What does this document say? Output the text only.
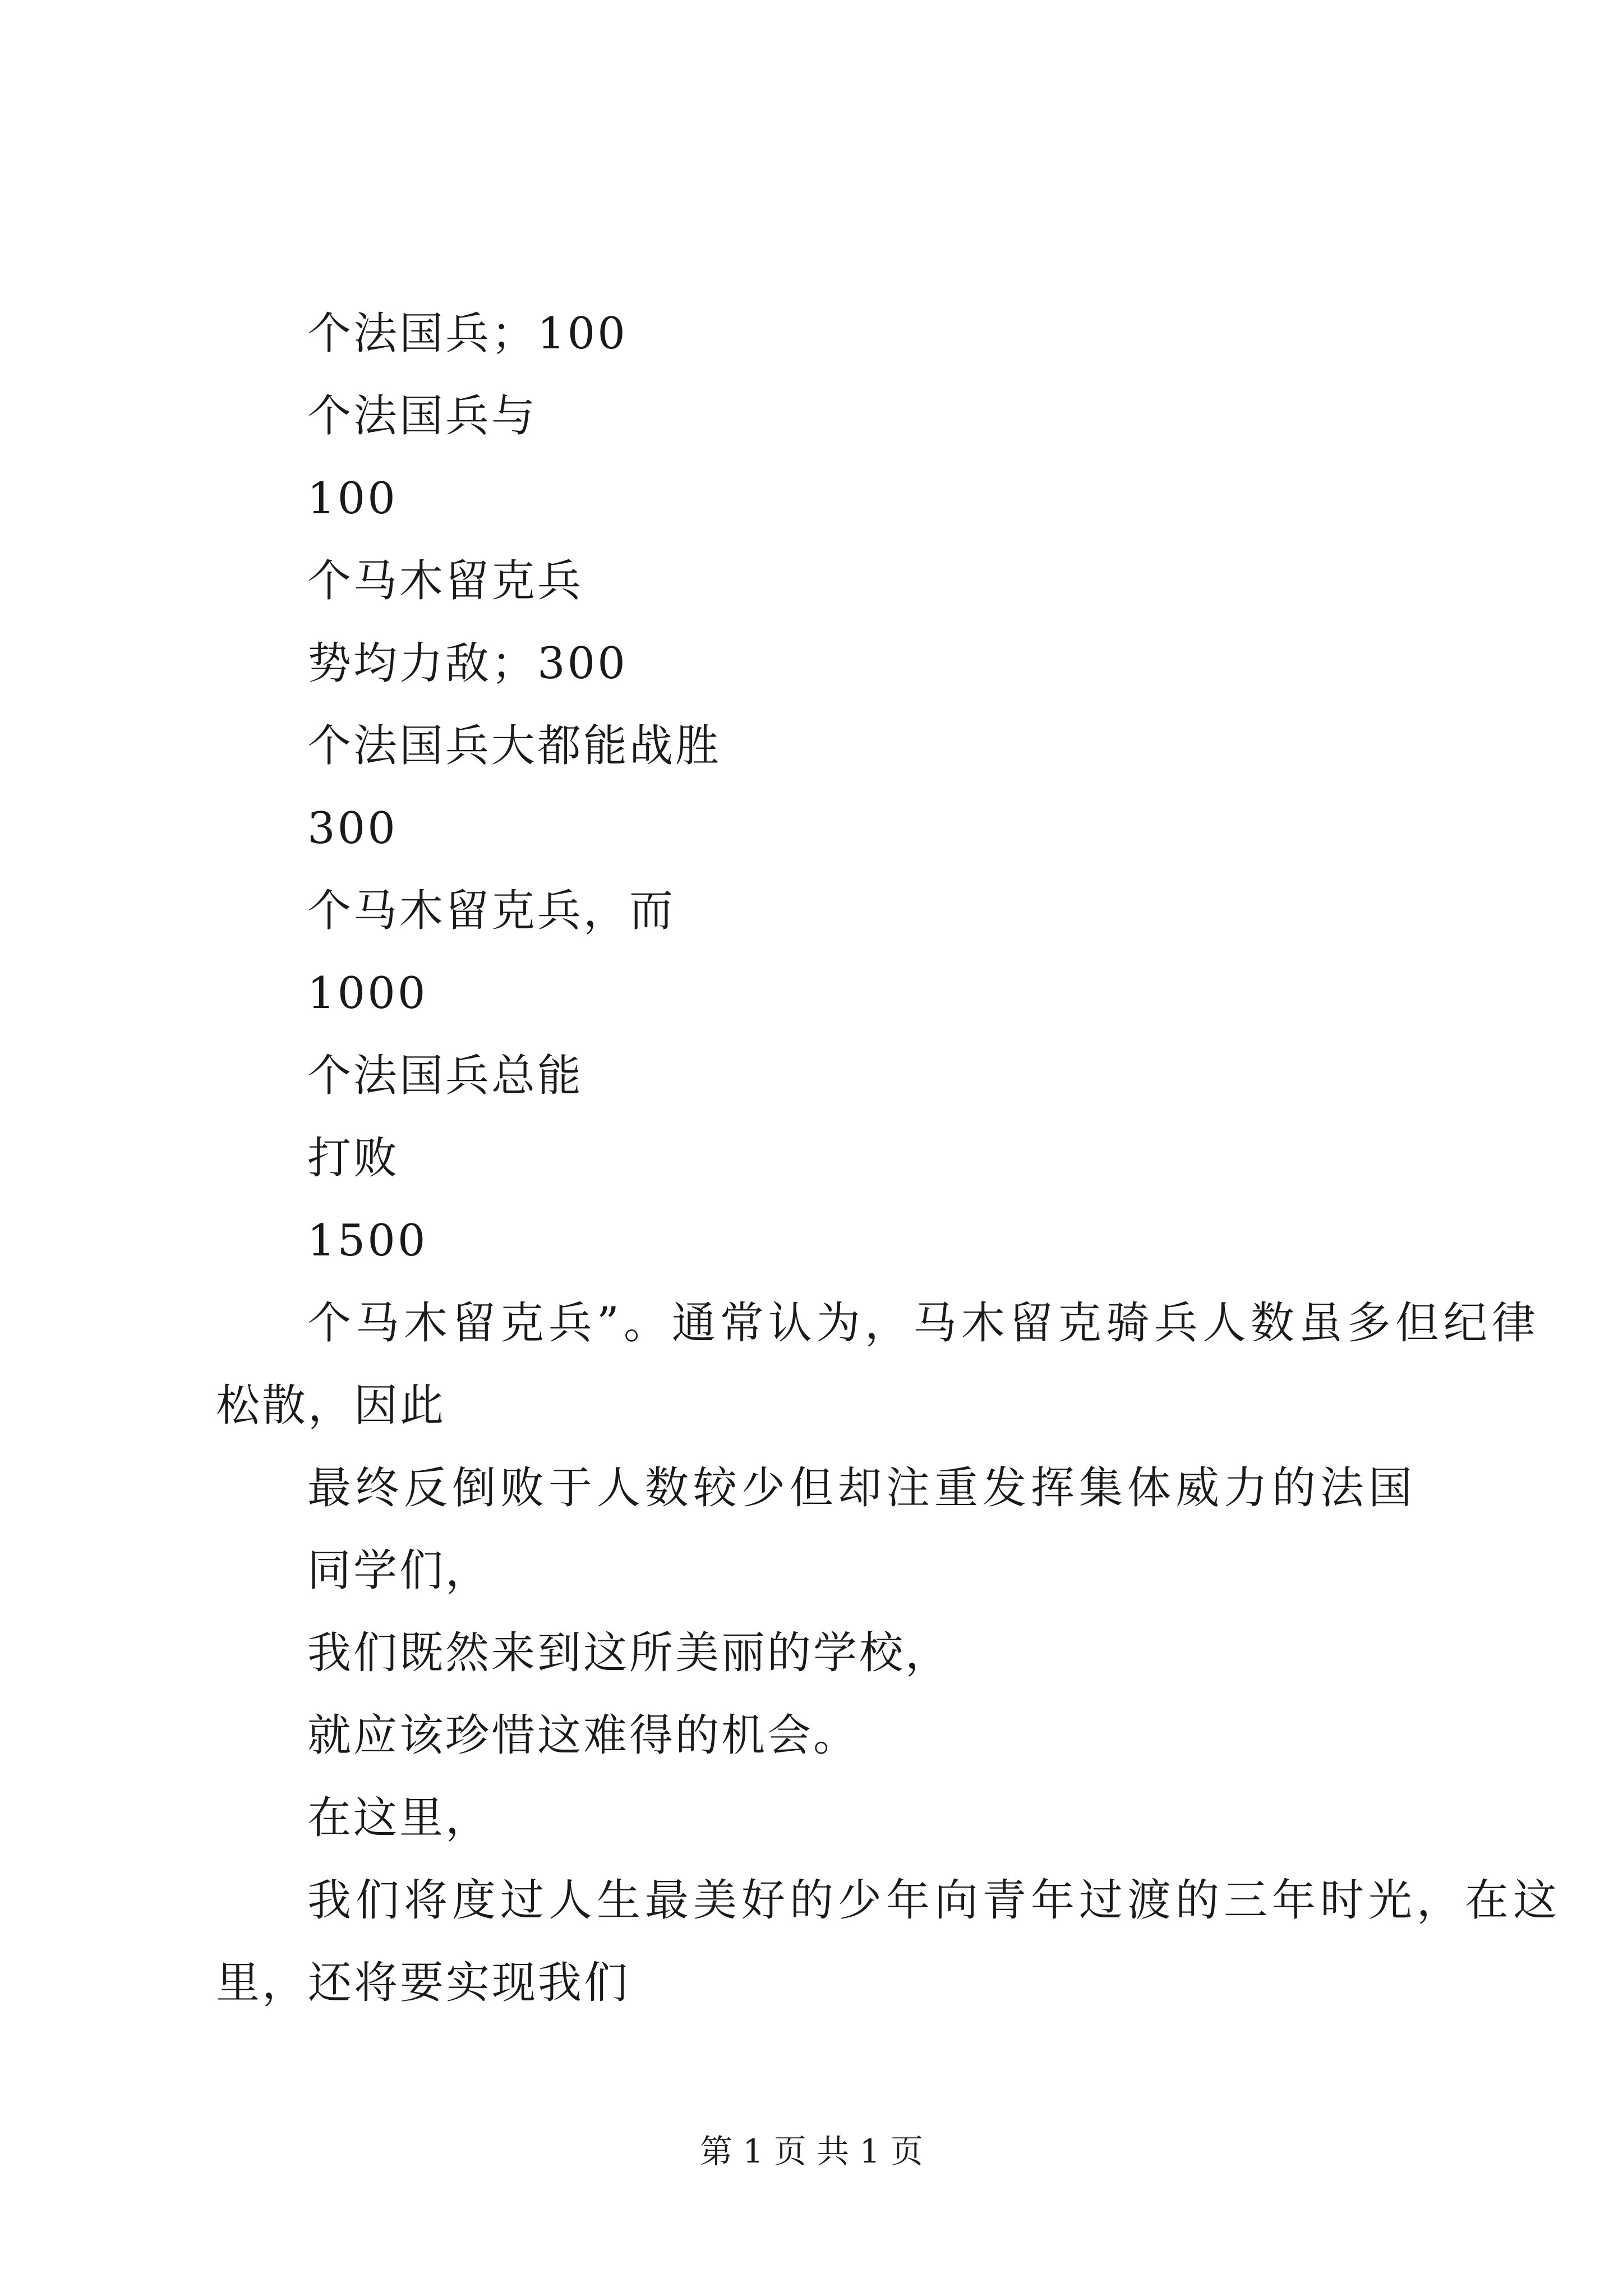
个法国兵；100
个法国兵与
100
个马木留克兵
势均力敌；300
个法国兵大都能战胜
300
个马木留克兵，而
1000
个法国兵总能
打败
1500
个马木留克兵”。通常认为，马木留克骑兵人数虽多但纪律
松散，因此
最终反倒败于人数较少但却注重发挥集体威力的法国
同学们，
我们既然来到这所美丽的学校，
就应该珍惜这难得的机会。
在这里，
我们将度过人生最美好的少年向青年过渡的三年时光，在这
里，还将要实现我们
第 1 页 共 1 页
